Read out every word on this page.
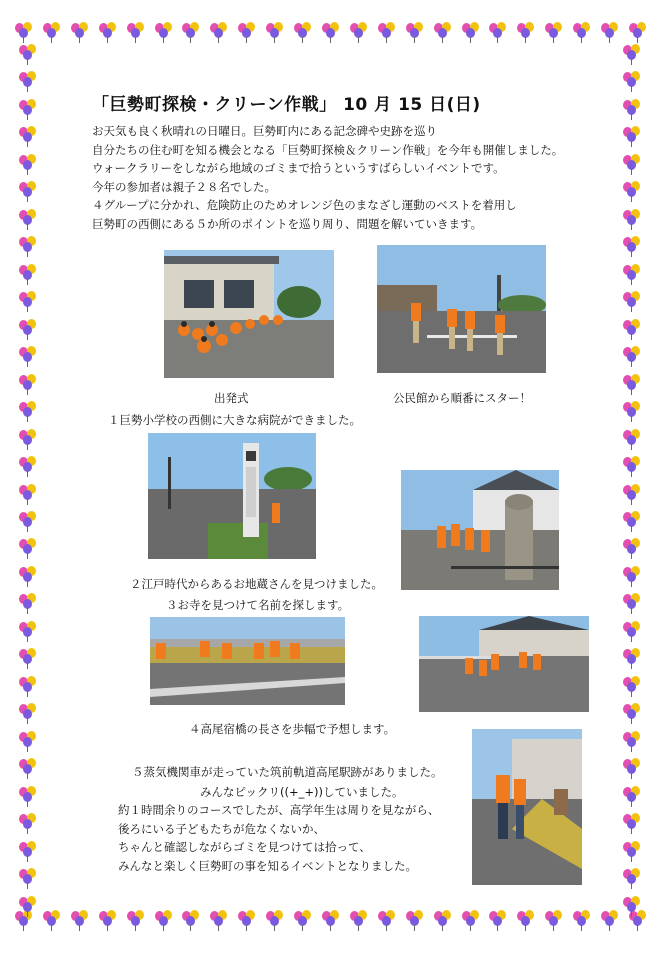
「巨勢町探検・クリーン作戦」 10 月 15 日(日)
お天気も良く秋晴れの日曜日。巨勢町内にある記念碑や史跡を巡り
自分たちの住む町を知る機会となる「巨勢町探検＆クリーン作戦」を今年も開催しました。
ウォークラリーをしながら地域のゴミまで拾うというすばらしいイベントです。
今年の参加者は親子２８名でした。
４グループに分かれ、危険防止のためオレンジ色のまなざし運動のベストを着用し
巨勢町の西側にある５か所のポイントを巡り周り、問題を解いていきます。
出発式	公民館から順番にスター！
１巨勢小学校の西側に大きな病院ができました。
２江戸時代からあるお地蔵さんを見つけました。
３お寺を見つけて名前を探します。
４高尾宿橋の長さを歩幅で予想します。
５蒸気機関車が走っていた筑前軌道高尾駅跡がありました。
みんなピックリ((+_+))していました。
約１時間余りのコースでしたが、高学年生は周りを見ながら、
後ろにいる子どもたちが危なくないか、
ちゃんと確認しながらゴミを見つけては拾って、
みんなと楽しく巨勢町の事を知るイベントとなりました。
